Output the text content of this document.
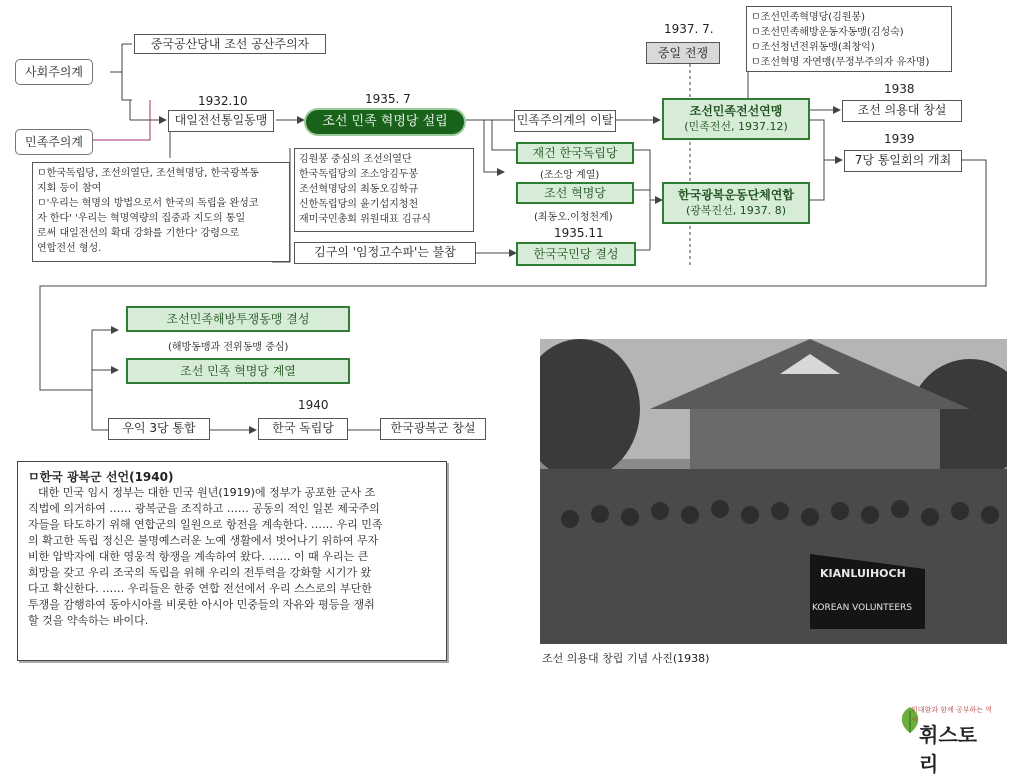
사회주의계
민족주의계
중국공산당내 조선 공산주의자
1932.10
대일전선통일동맹
1935. 7
조선 민족 혁명당 설립	민족주의계의 이탈
재건 한국독립당
(조소앙 계열)
조선 혁명당
(최동오.이청천계)
1935.11
한국국민당 결성
김구의 '임정고수파'는 불참
1937. 7.
중일 전쟁
조선민족전선연맹
(민족전선, 1937.12)
한국광복운동단체연합
(광복진선, 1937. 8)
1938
조선 의용대 창설
1939
7당 통일회의 개최
ㅁ한국독립당, 조선의열단, 조선혁명당, 한국광복동
지회 등이 참여
ㅁ'우리는 혁명의 방법으로서 한국의 독립을 완성코
자 한다' '우리는 혁명역량의 집중과 지도의 통일
로써 대일전선의 확대 강화를 기한다' 강령으로
연합전선 형성.
김원봉 중심의 조선의열단
한국독립당의 조소앙김두봉
조선혁명당의 최동오김학규
신한독립당의 윤기섭지청천
재미국민총회 위원대표 김규식
ㅁ조선민족혁명당(김원봉)
ㅁ조선민족해방운동자동맹(김성숙)
ㅁ조선청년전위동맹(최창익)
ㅁ조선혁명 자연맹(무정부주의자 유자명)
조선민족해방투쟁동맹 결성
(해방동맹과 전위동맹 중심)
조선 민족 혁명당 계열
우익 3당 통합
1940
한국 독립당	한국광복군 창설
ㅁ한국 광복군 선언(1940)
대한 민국 임시 정부는 대한 민국 원년(1919)에 정부가 공포한 군사 조
직법에 의거하여 …… 광복군을 조직하고 …… 공동의 적인 일본 제국주의
자들을 타도하기 위해 연합군의 일원으로 항전을 계속한다. …… 우리 민족
의 확고한 독립 정신은 불명예스러운 노예 생활에서 벗어나기 위하여 무자
비한 압박자에 대한 영웅적 항쟁을 계속하여 왔다. …… 이 때 우리는 큰
희망을 갖고 우리 조국의 독립을 위해 우리의 전투력을 강화할 시기가 왔
다고 확신한다. …… 우리들은 한중 연합 전선에서 우리 스스로의 부단한
투쟁을 감행하여 동아시아를 비롯한 아시아 민중들의 자유와 평등을 쟁취
할 것을 약속하는 바이다.
KIANLUIHOCH
KOREAN VOLUNTEERS
조선 의용대 창립 기념 사진(1938)
위대함과 함께 공부하는 역사
휘스토리
